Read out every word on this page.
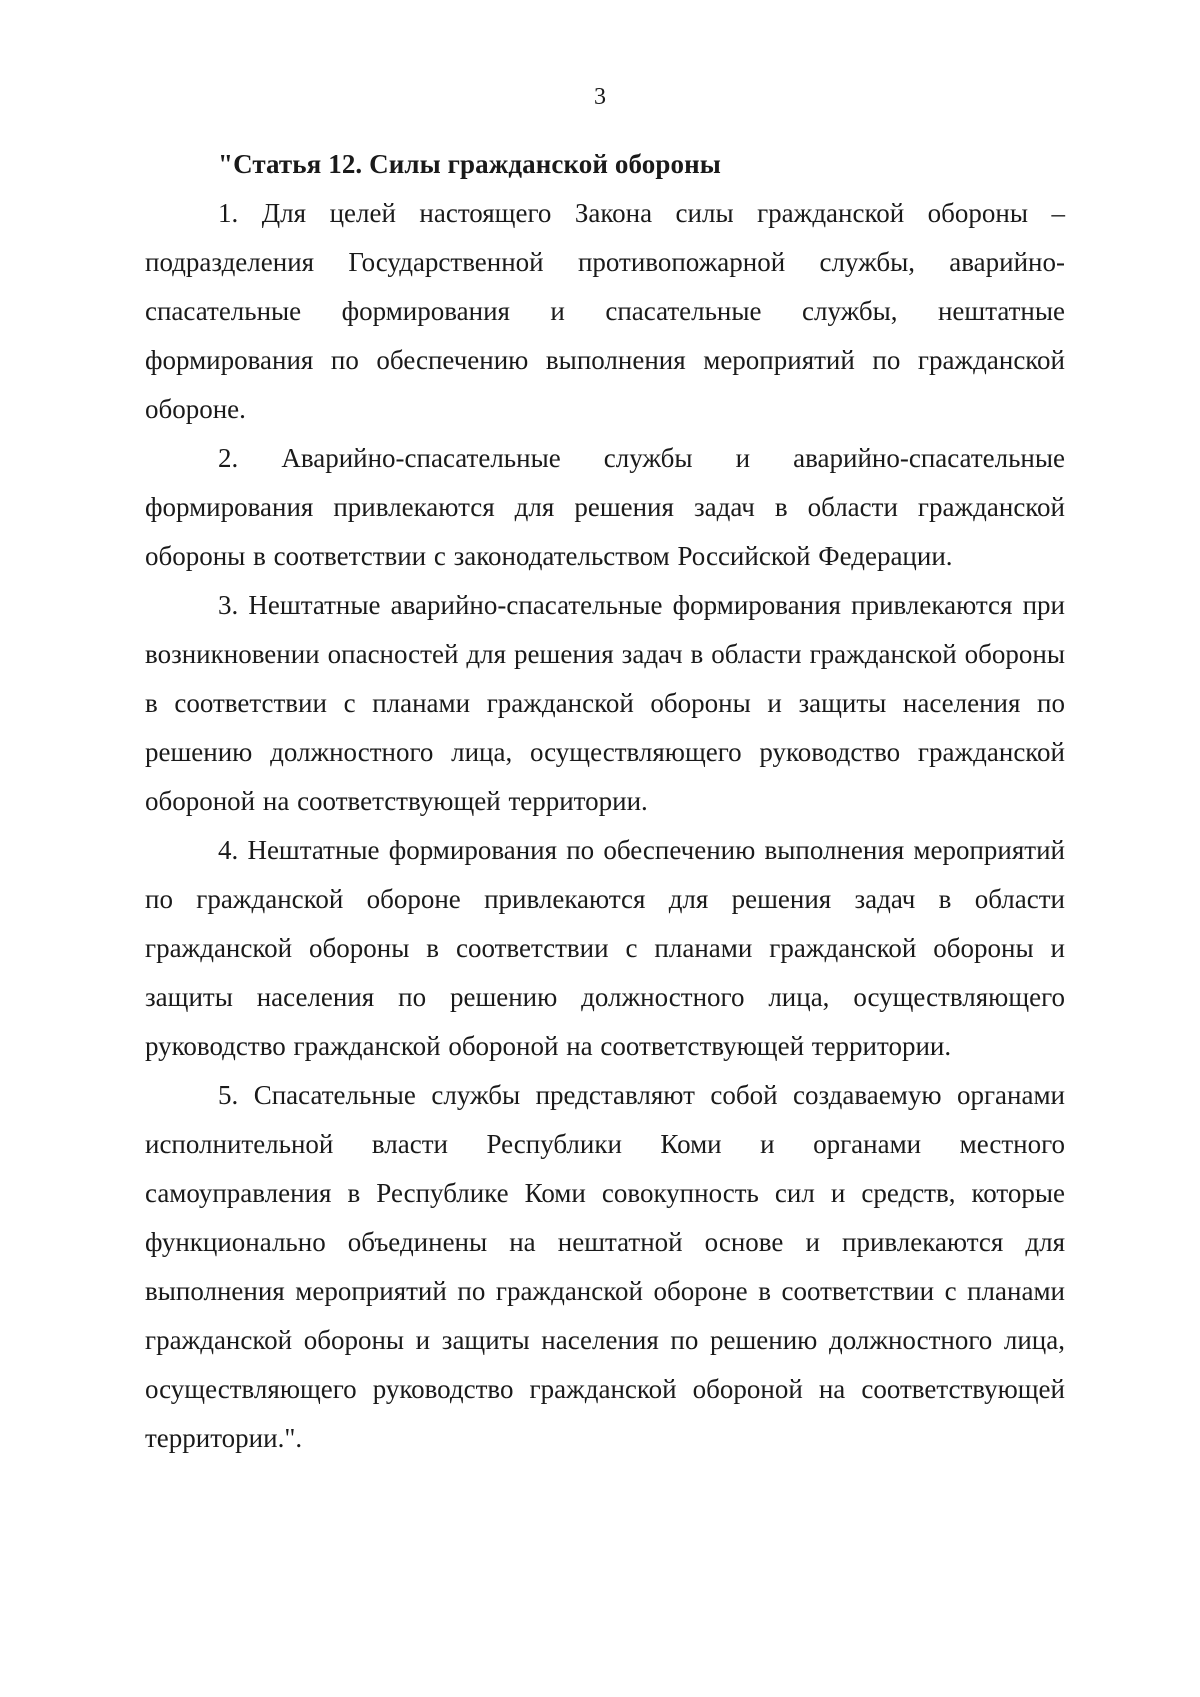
3

"Статья 12. Силы гражданской обороны

1. Для целей настоящего Закона силы гражданской обороны – подразделения Государственной противопожарной службы, аварийно-спасательные формирования и спасательные службы, нештатные формирования по обеспечению выполнения мероприятий по гражданской обороне.

2. Аварийно-спасательные службы и аварийно-спасательные формирования привлекаются для решения задач в области гражданской обороны в соответствии с законодательством Российской Федерации.

3. Нештатные аварийно-спасательные формирования привлекаются при возникновении опасностей для решения задач в области гражданской обороны в соответствии с планами гражданской обороны и защиты населения по решению должностного лица, осуществляющего руководство гражданской обороной на соответствующей территории.

4. Нештатные формирования по обеспечению выполнения мероприятий по гражданской обороне привлекаются для решения задач в области гражданской обороны в соответствии с планами гражданской обороны и защиты населения по решению должностного лица, осуществляющего руководство гражданской обороной на соответствующей территории.

5. Спасательные службы представляют собой создаваемую органами исполнительной власти Республики Коми и органами местного самоуправления в Республике Коми совокупность сил и средств, которые функционально объединены на нештатной основе и привлекаются для выполнения мероприятий по гражданской обороне в соответствии с планами гражданской обороны и защиты населения по решению должностного лица, осуществляющего руководство гражданской обороной на соответствующей территории.".
